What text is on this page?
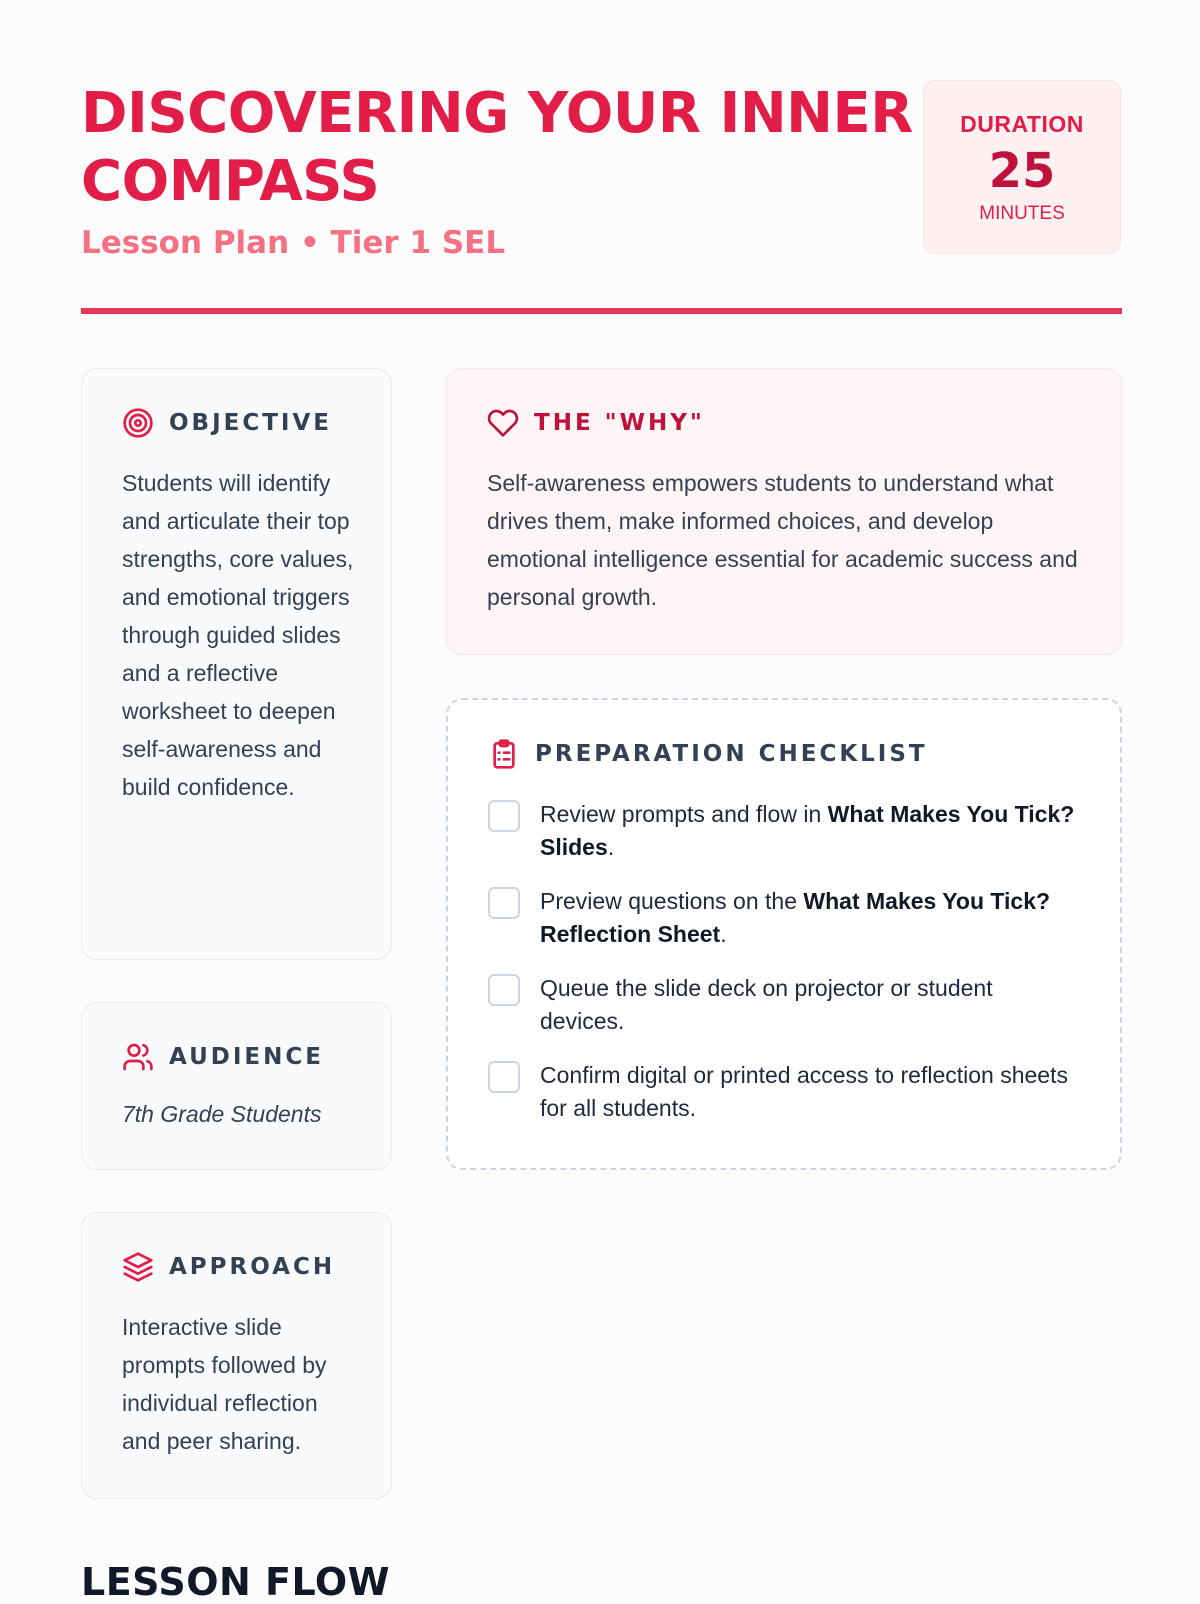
DISCOVERING YOUR INNER COMPASS
Lesson Plan • Tier 1 SEL
DURATION
25
MINUTES
OBJECTIVE
Students will identify and articulate their top strengths, core values, and emotional triggers through guided slides and a reflective worksheet to deepen self-awareness and build confidence.
AUDIENCE
7th Grade Students
APPROACH
Interactive slide prompts followed by individual reflection and peer sharing.
THE "WHY"
Self-awareness empowers students to understand what drives them, make informed choices, and develop emotional intelligence essential for academic success and personal growth.
PREPARATION CHECKLIST
Review prompts and flow in What Makes You Tick? Slides.
Preview questions on the What Makes You Tick? Reflection Sheet.
Queue the slide deck on projector or student devices.
Confirm digital or printed access to reflection sheets for all students.
LESSON FLOW
